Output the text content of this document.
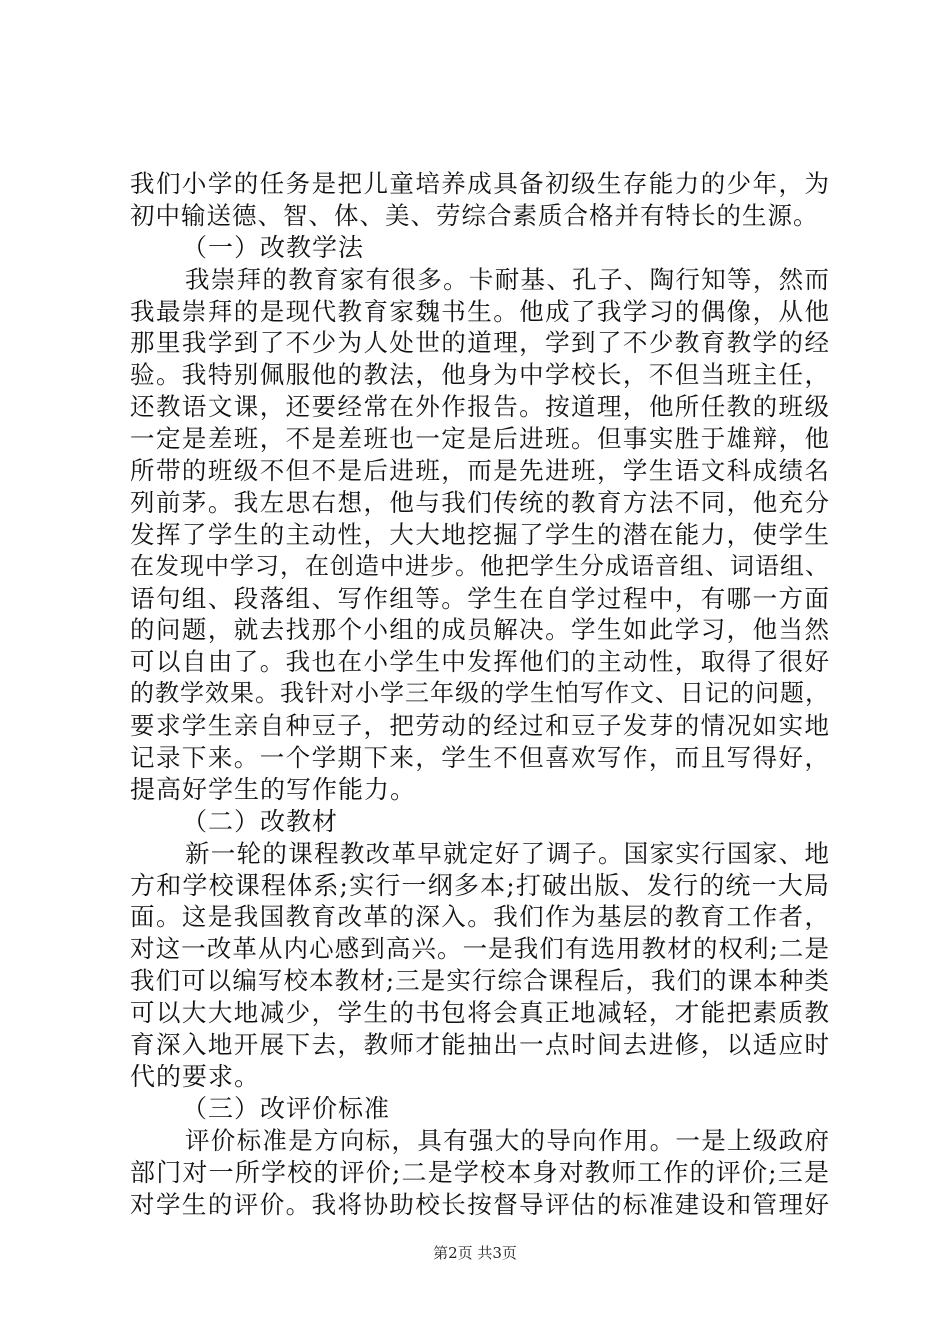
我们小学的任务是把儿童培养成具备初级生存能力的少年，为
初中输送德、智、体、美、劳综合素质合格并有特长的生源。
（一）改教学法
我崇拜的教育家有很多。卡耐基、孔子、陶行知等，然而
我最崇拜的是现代教育家魏书生。他成了我学习的偶像，从他
那里我学到了不少为人处世的道理，学到了不少教育教学的经
验。我特别佩服他的教法，他身为中学校长，不但当班主任，
还教语文课，还要经常在外作报告。按道理，他所任教的班级
一定是差班，不是差班也一定是后进班。但事实胜于雄辩，他
所带的班级不但不是后进班，而是先进班，学生语文科成绩名
列前茅。我左思右想，他与我们传统的教育方法不同，他充分
发挥了学生的主动性，大大地挖掘了学生的潜在能力，使学生
在发现中学习，在创造中进步。他把学生分成语音组、词语组、
语句组、段落组、写作组等。学生在自学过程中，有哪一方面
的问题，就去找那个小组的成员解决。学生如此学习，他当然
可以自由了。我也在小学生中发挥他们的主动性，取得了很好
的教学效果。我针对小学三年级的学生怕写作文、日记的问题，
要求学生亲自种豆子，把劳动的经过和豆子发芽的情况如实地
记录下来。一个学期下来，学生不但喜欢写作，而且写得好，
提高好学生的写作能力。
（二）改教材
新一轮的课程教改革早就定好了调子。国家实行国家、地
方和学校课程体系;实行一纲多本;打破出版、发行的统一大局
面。这是我国教育改革的深入。我们作为基层的教育工作者，
对这一改革从内心感到高兴。一是我们有选用教材的权利;二是
我们可以编写校本教材;三是实行综合课程后，我们的课本种类
可以大大地减少，学生的书包将会真正地减轻，才能把素质教
育深入地开展下去，教师才能抽出一点时间去进修，以适应时
代的要求。
（三）改评价标准
评价标准是方向标，具有强大的导向作用。一是上级政府
部门对一所学校的评价;二是学校本身对教师工作的评价;三是
对学生的评价。我将协助校长按督导评估的标准建设和管理好
第2页 共3页
